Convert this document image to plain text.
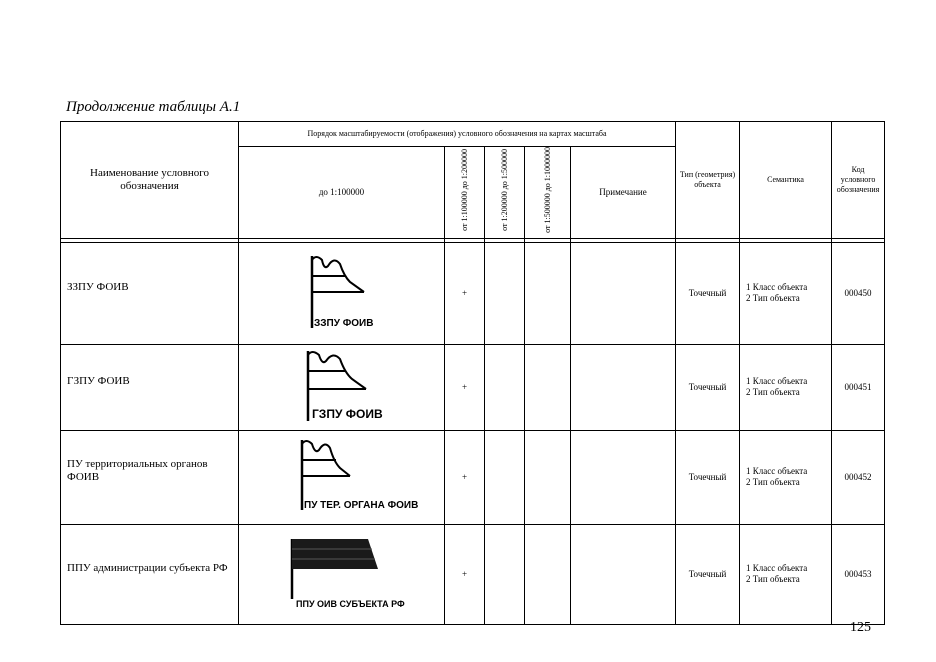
Продолжение таблицы А.1
Наименование условного обозначения	Порядок масштабируемости (отображения) условного обозначения на картах масштаба					Тип (геометрия) объекта	Семантика	Код условного обозначения
	до 1:100000	от 1:100000 до 1:200000	от 1:200000 до 1:500000	от 1:500000 до 1:1000000	Примечание			

ЗЗПУ ФОИВ	ЗЗПУ ФОИВ	+				Точечный	1 Класс объекта
2 Тип объекта	000450

ГЗПУ ФОИВ	ГЗПУ ФОИВ	+				Точечный	1 Класс объекта
2 Тип объекта	000451

ПУ территориальных органов ФОИВ	ПУ ТЕР. ОРГАНА ФОИВ	+				Точечный	1 Класс объекта
2 Тип объекта	000452

ППУ администрации субъекта РФ	ППУ ОИВ СУБЪЕКТА РФ	+				Точечный	1 Класс объекта
2 Тип объекта	000453
125
